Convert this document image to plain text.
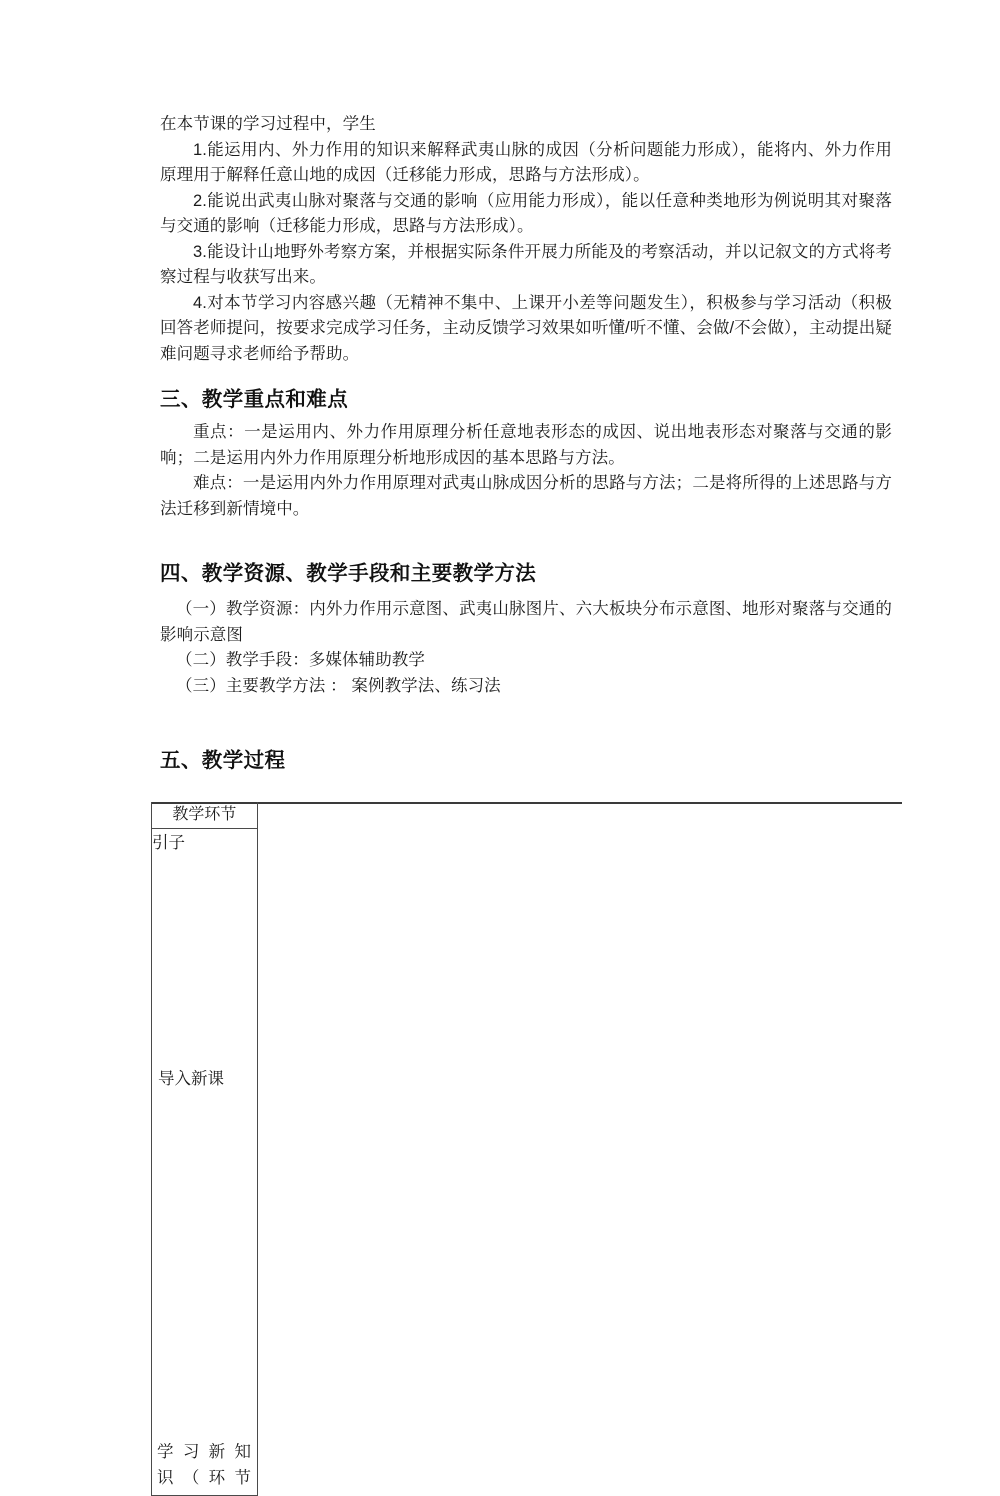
在本节课的学习过程中，学生

1.能运用内、外力作用的知识来解释武夷山脉的成因（分析问题能力形成），能将内、外力作用原理用于解释任意山地的成因（迁移能力形成，思路与方法形成）。

2.能说出武夷山脉对聚落与交通的影响（应用能力形成），能以任意种类地形为例说明其对聚落与交通的影响（迁移能力形成，思路与方法形成）。

3.能设计山地野外考察方案，并根据实际条件开展力所能及的考察活动，并以记叙文的方式将考察过程与收获写出来。

4.对本节学习内容感兴趣（无精神不集中、上课开小差等问题发生），积极参与学习活动（积极回答老师提问，按要求完成学习任务，主动反馈学习效果如听懂/听不懂、会做/不会做），主动提出疑难问题寻求老师给予帮助。

三、教学重点和难点

重点：一是运用内、外力作用原理分析任意地表形态的成因、说出地表形态对聚落与交通的影响；二是运用内外力作用原理分析地形成因的基本思路与方法。

难点：一是运用内外力作用原理对武夷山脉成因分析的思路与方法；二是将所得的上述思路与方法迁移到新情境中。

四、教学资源、教学手段和主要教学方法

（一）教学资源：内外力作用示意图、武夷山脉图片、六大板块分布示意图、地形对聚落与交通的影响示意图

（二）教学手段：多媒体辅助教学

（三）主要教学方法 ： 案例教学法、练习法

五、教学过程
教学环节	

引子	

导入新课	

学习新知
识（环节	
